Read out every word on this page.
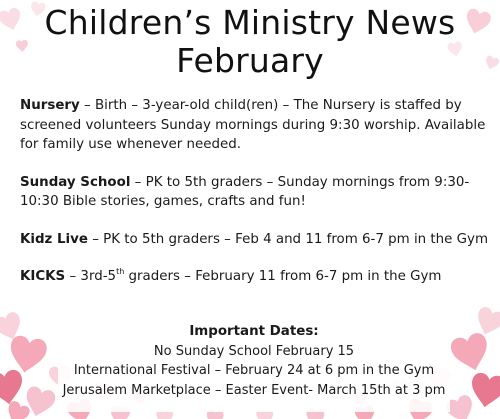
Children’s Ministry News
February
Nursery – Birth – 3-year-old child(ren) – The Nursery is staffed by screened volunteers Sunday mornings during 9:30 worship. Available for family use whenever needed.
Sunday School – PK to 5th graders – Sunday mornings from 9:30-10:30 Bible stories, games, crafts and fun!
Kidz Live – PK to 5th graders – Feb 4 and 11 from 6-7 pm in the Gym
KICKS – 3rd-5th graders – February 11 from 6-7 pm in the Gym
Important Dates:
No Sunday School February 15
International Festival – February 24 at 6 pm in the Gym
Jerusalem Marketplace – Easter Event- March 15th at 3 pm
